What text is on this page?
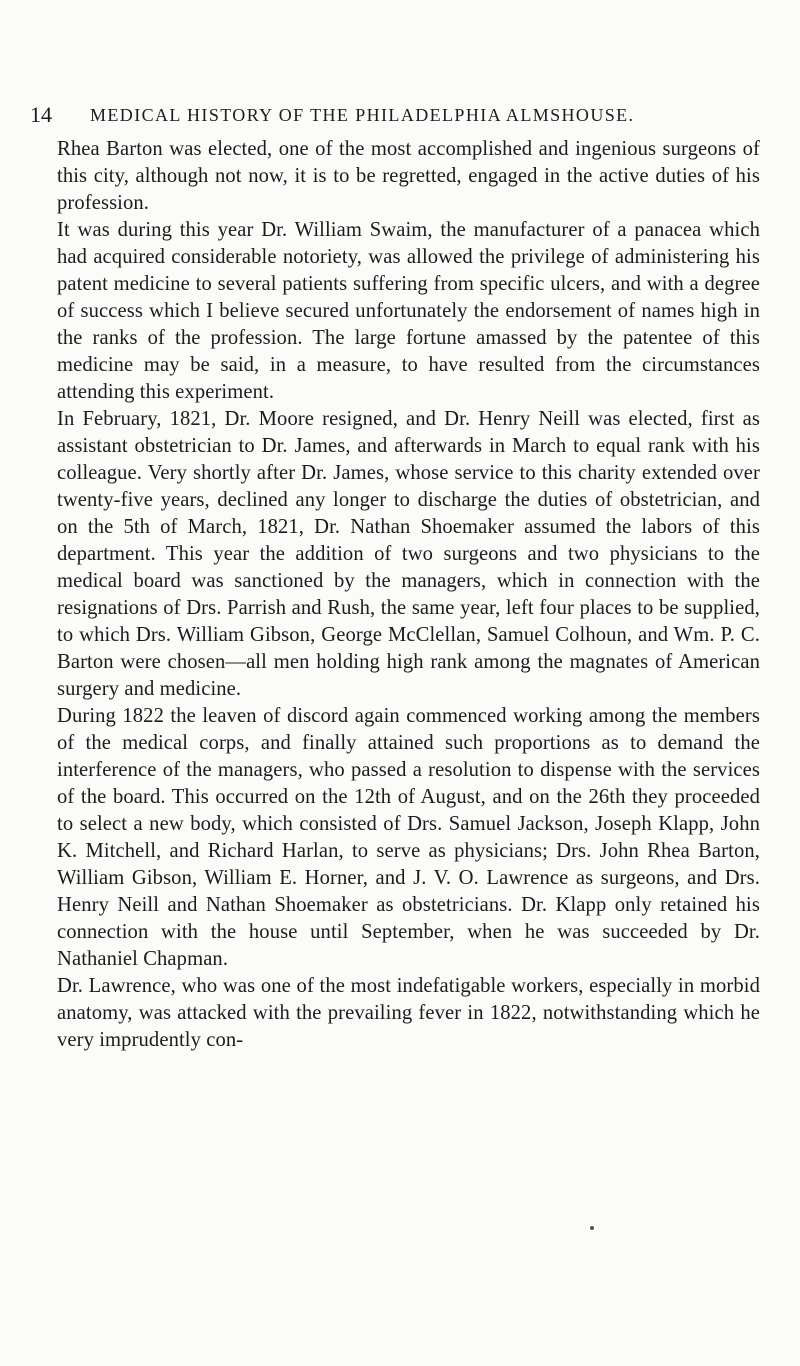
14 MEDICAL HISTORY OF THE PHILADELPHIA ALMSHOUSE.

Rhea Barton was elected, one of the most accomplished and ingenious surgeons of this city, although not now, it is to be regretted, engaged in the active duties of his profession.

It was during this year Dr. William Swaim, the manufacturer of a panacea which had acquired considerable notoriety, was allowed the privilege of administering his patent medicine to several patients suffering from specific ulcers, and with a degree of success which I believe secured unfortunately the endorsement of names high in the ranks of the profession. The large fortune amassed by the patentee of this medicine may be said, in a measure, to have resulted from the circumstances attending this experiment.

In February, 1821, Dr. Moore resigned, and Dr. Henry Neill was elected, first as assistant obstetrician to Dr. James, and afterwards in March to equal rank with his colleague. Very shortly after Dr. James, whose service to this charity extended over twenty-five years, declined any longer to discharge the duties of obstetrician, and on the 5th of March, 1821, Dr. Nathan Shoemaker assumed the labors of this department. This year the addition of two surgeons and two physicians to the medical board was sanctioned by the managers, which in connection with the resignations of Drs. Parrish and Rush, the same year, left four places to be supplied, to which Drs. William Gibson, George McClellan, Samuel Colhoun, and Wm. P. C. Barton were chosen—all men holding high rank among the magnates of American surgery and medicine.

During 1822 the leaven of discord again commenced working among the members of the medical corps, and finally attained such proportions as to demand the interference of the managers, who passed a resolution to dispense with the services of the board. This occurred on the 12th of August, and on the 26th they proceeded to select a new body, which consisted of Drs. Samuel Jackson, Joseph Klapp, John K. Mitchell, and Richard Harlan, to serve as physicians; Drs. John Rhea Barton, William Gibson, William E. Horner, and J. V. O. Lawrence as surgeons, and Drs. Henry Neill and Nathan Shoemaker as obstetricians. Dr. Klapp only retained his connection with the house until September, when he was succeeded by Dr. Nathaniel Chapman.

Dr. Lawrence, who was one of the most indefatigable workers, especially in morbid anatomy, was attacked with the prevailing fever in 1822, notwithstanding which he very imprudently con-
